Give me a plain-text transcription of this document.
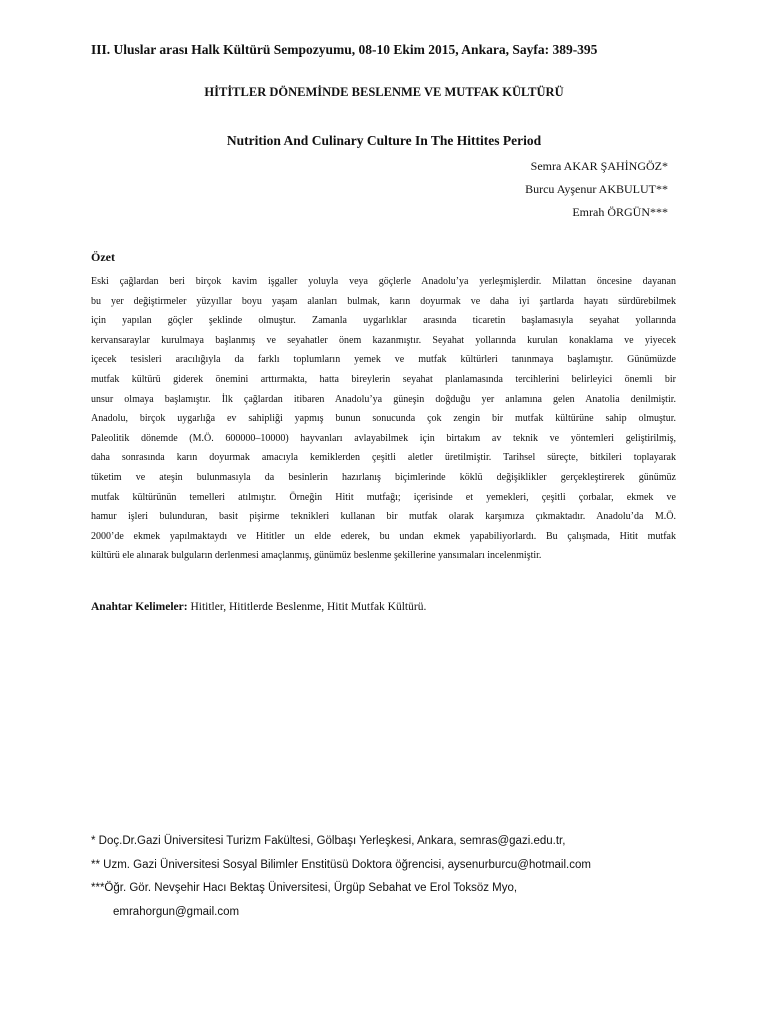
III. Uluslar arası Halk Kültürü Sempozyumu, 08-10 Ekim 2015, Ankara, Sayfa: 389-395
HİTİTLER DÖNEMİNDE BESLENME VE MUTFAK KÜLTÜRÜ
Nutrition And Culinary Culture In The Hittites Period
Semra AKAR ŞAHİNGÖZ*
Burcu Ayşenur AKBULUT**
Emrah ÖRGÜN***
Özet
Eski çağlardan beri birçok kavim işgaller yoluyla veya göçlerle Anadolu’ya yerleşmişlerdir. Milattan öncesine dayanan
bu yer değiştirmeler yüzyıllar boyu yaşam alanları bulmak, karın doyurmak ve daha iyi şartlarda hayatı sürdürebilmek
için yapılan göçler şeklinde olmuştur. Zamanla uygarlıklar arasında ticaretin başlamasıyla seyahat yollarında
kervansaraylar kurulmaya başlanmış ve seyahatler önem kazanmıştır. Seyahat yollarında kurulan konaklama ve yiyecek
içecek tesisleri aracılığıyla da farklı toplumların yemek ve mutfak kültürleri tanınmaya başlamıştır. Günümüzde
mutfak kültürü giderek önemini arttırmakta, hatta bireylerin seyahat planlamasında tercihlerini belirleyici önemli bir
unsur olmaya başlamıştır. İlk çağlardan itibaren Anadolu’ya güneşin doğduğu yer anlamına gelen Anatolia denilmiştir.
Anadolu, birçok uygarlığa ev sahipliği yapmış bunun sonucunda çok zengin bir mutfak kültürüne sahip olmuştur.
Paleolitik dönemde (M.Ö. 600000–10000) hayvanları avlayabilmek için birtakım av teknik ve yöntemleri geliştirilmiş,
daha sonrasında karın doyurmak amacıyla kemiklerden çeşitli aletler üretilmiştir. Tarihsel süreçte, bitkileri toplayarak
tüketim ve ateşin bulunmasıyla da besinlerin hazırlanış biçimlerinde köklü değişiklikler gerçekleştirerek günümüz
mutfak kültürünün temelleri atılmıştır. Örneğin Hitit mutfağı; içerisinde et yemekleri, çeşitli çorbalar, ekmek ve
hamur işleri bulunduran, basit pişirme teknikleri kullanan bir mutfak olarak karşımıza çıkmaktadır. Anadolu’da M.Ö.
2000’de ekmek yapılmaktaydı ve Hititler un elde ederek, bu undan ekmek yapabiliyorlardı. Bu çalışmada, Hitit mutfak
kültürü ele alınarak bulguların derlenmesi amaçlanmış, günümüz beslenme şekillerine yansımaları incelenmiştir.
Anahtar Kelimeler: Hititler, Hititlerde Beslenme, Hitit Mutfak Kültürü.
* Doç.Dr.Gazi Üniversitesi Turizm Fakültesi, Gölbaşı Yerleşkesi, Ankara, semras@gazi.edu.tr,
** Uzm. Gazi Üniversitesi Sosyal Bilimler Enstitüsü Doktora öğrencisi, aysenurburcu@hotmail.com
***Öğr. Gör. Nevşehir Hacı Bektaş Üniversitesi, Ürgüp Sebahat ve Erol Toksöz Myo,
emrahorgun@gmail.com
